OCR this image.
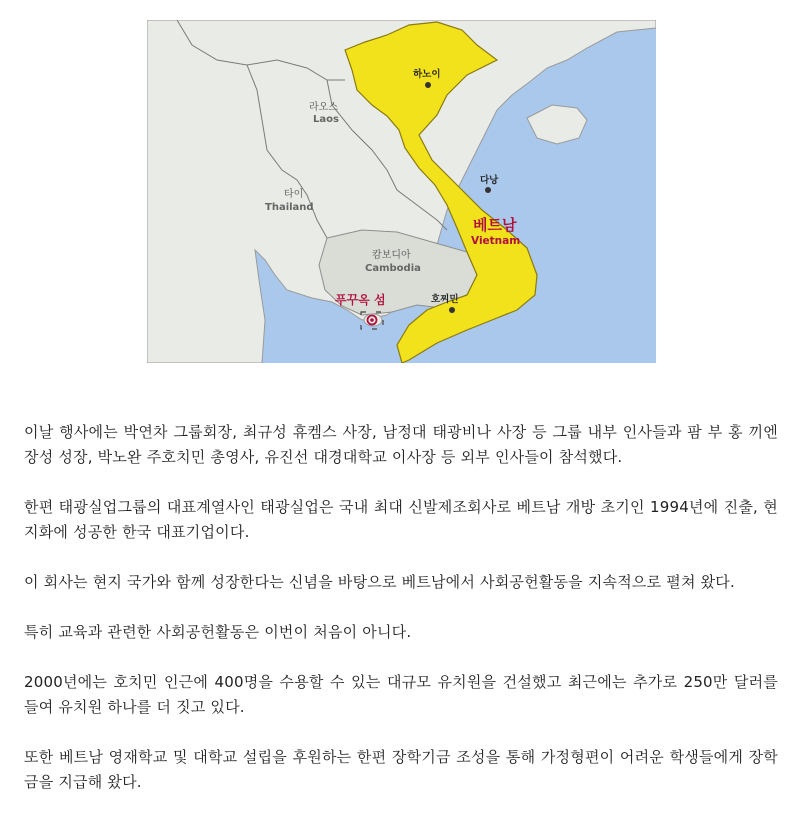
하노이
라오스
Laos
타이
Thailand
다낭
베트남
Vietnam
캄보디아
Cambodia
푸꾸옥 섬	호찌민

이날 행사에는 박연차 그룹회장, 최규성 휴켐스 사장, 남정대 태광비나 사장 등 그룹 내부 인사들과 팜 부 홍 끼엔장성 성장, 박노완 주호치민 총영사, 유진선 대경대학교 이사장 등 외부 인사들이 참석했다.

한편 태광실업그룹의 대표계열사인 태광실업은 국내 최대 신발제조회사로 베트남 개방 초기인 1994년에 진출, 현지화에 성공한 한국 대표기업이다.

이 회사는 현지 국가와 함께 성장한다는 신념을 바탕으로 베트남에서 사회공헌활동을 지속적으로 펼쳐 왔다.

특히 교육과 관련한 사회공헌활동은 이번이 처음이 아니다.

2000년에는 호치민 인근에 400명을 수용할 수 있는 대규모 유치원을 건설했고 최근에는 추가로 250만 달러를 들여 유치원 하나를 더 짓고 있다.

또한 베트남 영재학교 및 대학교 설립을 후원하는 한편 장학기금 조성을 통해 가정형편이 어려운 학생들에게 장학금을 지급해 왔다.
